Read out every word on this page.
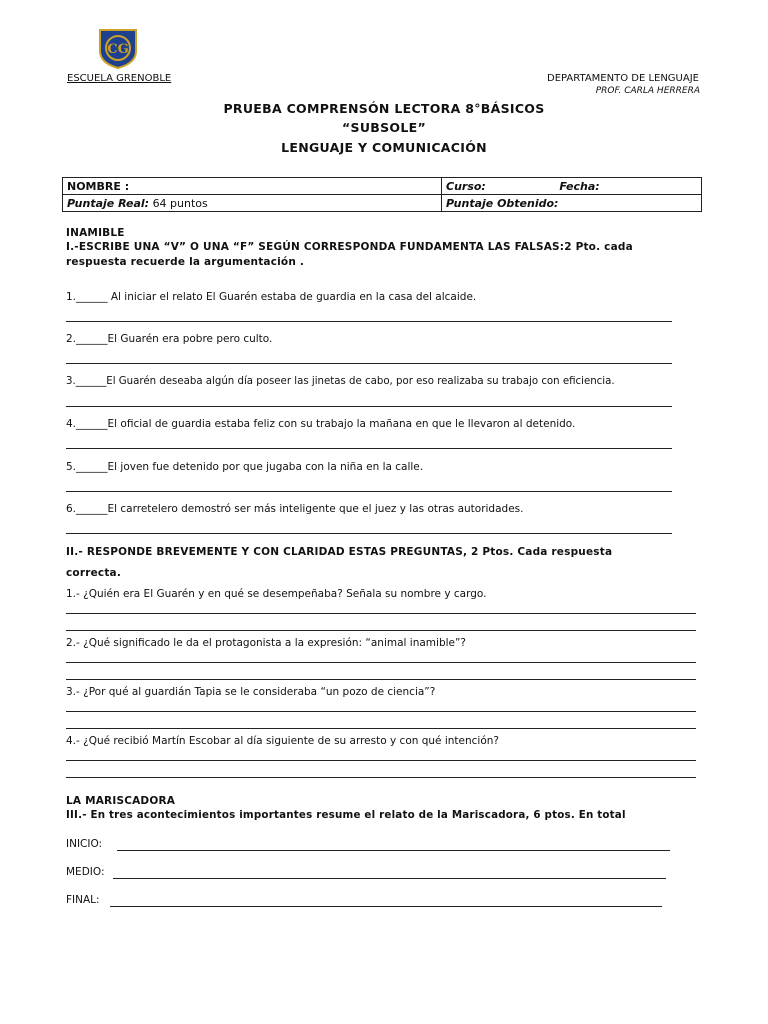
CG
ESCUELA GRENOBLE	DEPARTAMENTO DE LENGUAJE
PROF. CARLA HERRERA
PRUEBA COMPRENSÓN LECTORA 8°BÁSICOS
“SUBSOLE”
LENGUAJE Y COMUNICACIÓN
NOMBRE :	Curso: Fecha:
Puntaje Real: 64 puntos	Puntaje Obtenido:
INAMIBLE
I.-ESCRIBE UNA “V” O UNA “F” SEGÚN CORRESPONDA FUNDAMENTA LAS FALSAS:2 Pto. cada
respuesta recuerde la argumentación .
1.______ Al iniciar el relato El Guarén estaba de guardia en la casa del alcaide.
2.______El Guarén era pobre pero culto.
3.______El Guarén deseaba algún día poseer las jinetas de cabo, por eso realizaba su trabajo con eficiencia.
4.______El oficial de guardia estaba feliz con su trabajo la mañana en que le llevaron al detenido.
5.______El joven fue detenido por que jugaba con la niña en la calle.
6.______El carretelero demostró ser más inteligente que el juez y las otras autoridades.
II.- RESPONDE BREVEMENTE Y CON CLARIDAD ESTAS PREGUNTAS, 2 Ptos. Cada respuesta
correcta.
1.- ¿Quién era El Guarén y en qué se desempeñaba? Señala su nombre y cargo.
2.- ¿Qué significado le da el protagonista a la expresión: “animal inamible”?
3.- ¿Por qué al guardián Tapia se le consideraba “un pozo de ciencia”?
4.- ¿Qué recibió Martín Escobar al día siguiente de su arresto y con qué intención?
LA MARISCADORA
III.- En tres acontecimientos importantes resume el relato de la Mariscadora, 6 ptos. En total
INICIO:
MEDIO:
FINAL:
